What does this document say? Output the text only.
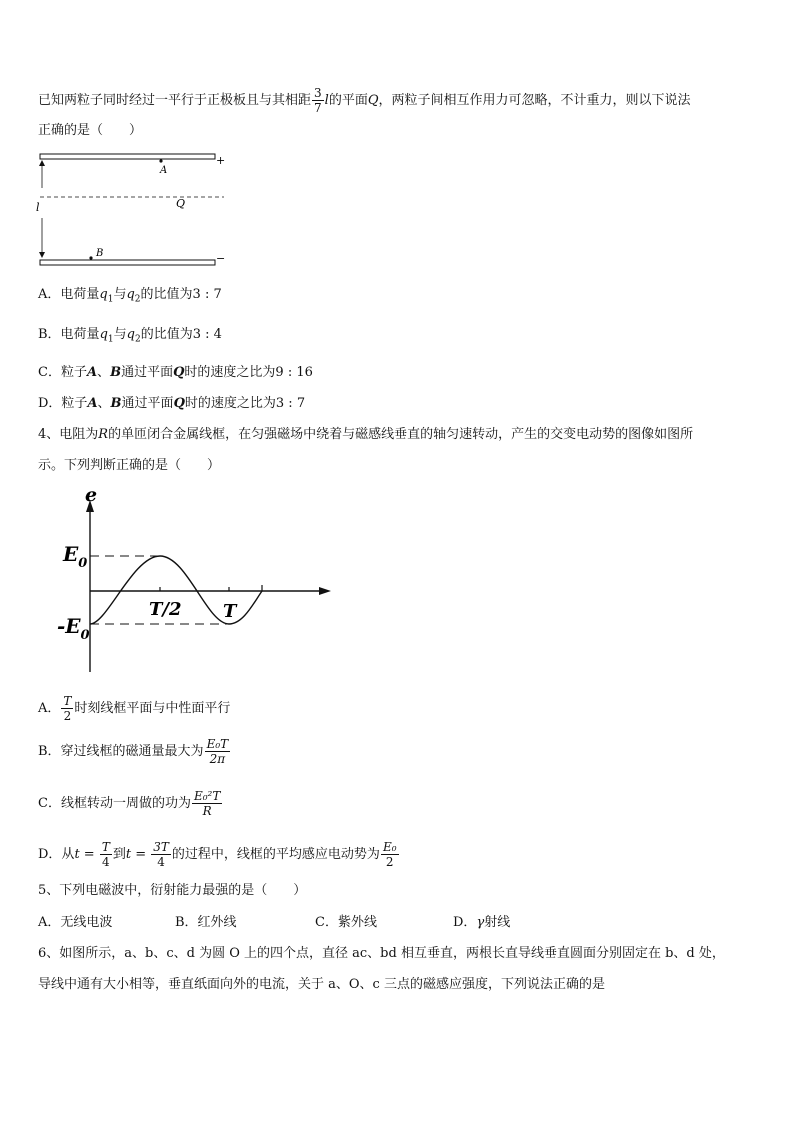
已知两粒子同时经过一平行于正极板且与其相距 $\frac{3}{7}$ l的平面Q，两粒子间相互作用力可忽略，不计重力，则以下说法
正确的是（　　）
+
−
Q
l
A
B
A．电荷量$q_1$与$q_2$的比值为3 : 7
B．电荷量$q_1$与$q_2$的比值为3 : 4
C．粒子A、B通过平面Q时的速度之比为9 : 16
D．粒子A、B通过平面Q时的速度之比为3 : 7
4、电阻为R的单匝闭合金属线框，在匀强磁场中绕着与磁感线垂直的轴匀速转动，产生的交变电动势的图像如图所
示。下列判断正确的是（　　）
e
$E_0$
$-E_0$
T/2 T
A． $\frac{T}{2}$ 时刻线框平面与中性面平行
B．穿过线框的磁通量最大为 $\frac{\text{E₀T}}{2\pi}$
C．线框转动一周做的功为 $\frac{\text{E₀²T}}{R}$
D．从$t = \frac{T}{4}$ 到$t = \frac{3T}{4}$ 的过程中，线框的平均感应电动势为 $\frac{\text{E₀}}{2}$
5、下列电磁波中，衍射能力最强的是（　　）
A．无线电波	B．红外线	C．紫外线	D．γ射线
6、如图所示，a、b、c、d 为圆 O 上的四个点，直径 ac、bd 相互垂直，两根长直导线垂直圆面分别固定在 b、d 处，
导线中通有大小相等，垂直纸面向外的电流，关于 a、O、c 三点的磁感应强度，下列说法正确的是
